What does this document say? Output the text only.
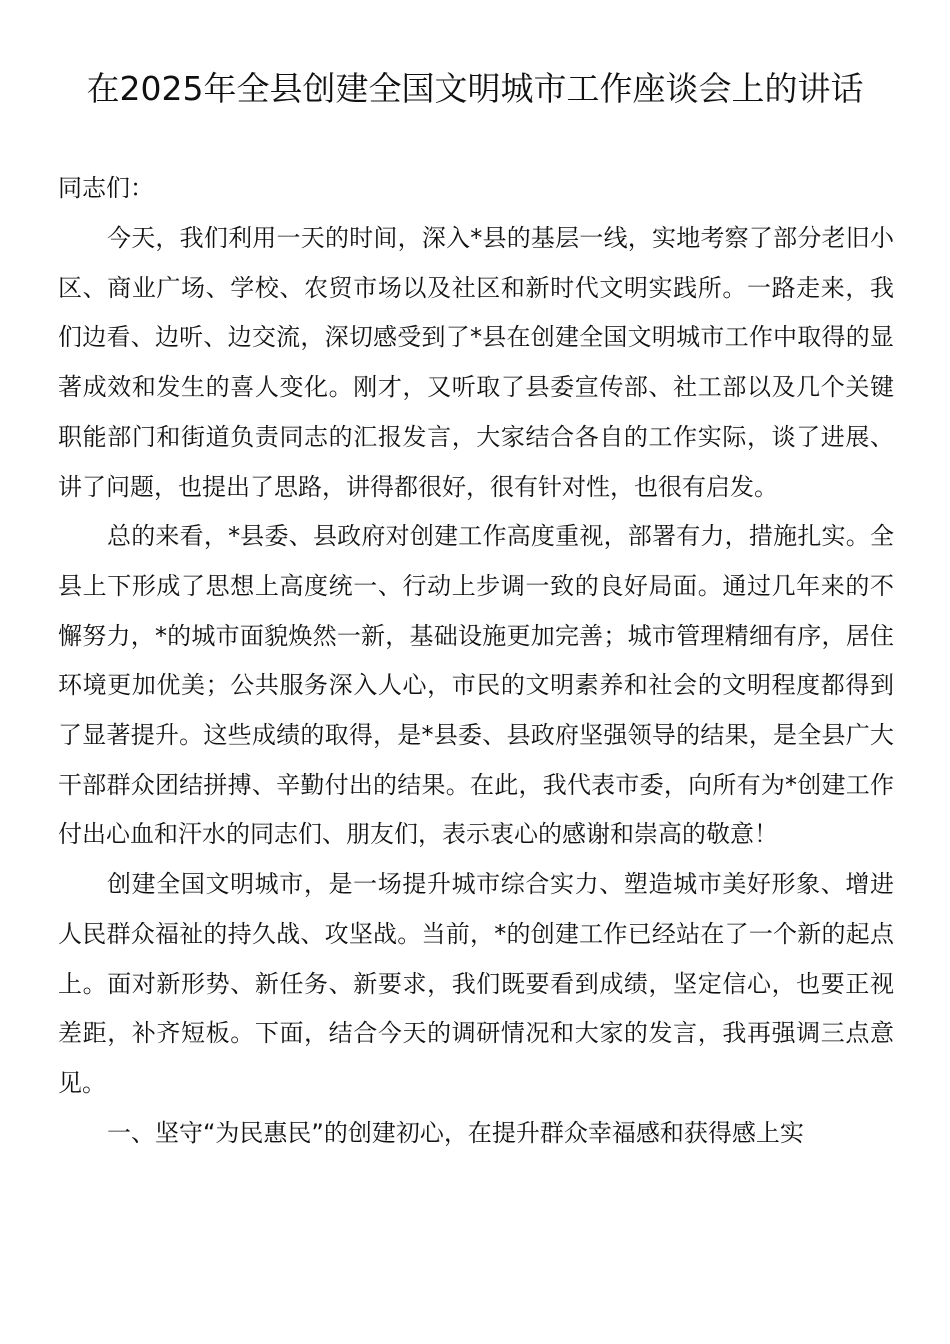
在2025年全县创建全国文明城市工作座谈会上的讲话

同志们：

今天，我们利用一天的时间，深入*县的基层一线，实地考察了部分老旧小区、商业广场、学校、农贸市场以及社区和新时代文明实践所。一路走来，我们边看、边听、边交流，深切感受到了*县在创建全国文明城市工作中取得的显著成效和发生的喜人变化。刚才，又听取了县委宣传部、社工部以及几个关键职能部门和街道负责同志的汇报发言，大家结合各自的工作实际，谈了进展、讲了问题，也提出了思路，讲得都很好，很有针对性，也很有启发。

总的来看，*县委、县政府对创建工作高度重视，部署有力，措施扎实。全县上下形成了思想上高度统一、行动上步调一致的良好局面。通过几年来的不懈努力，*的城市面貌焕然一新，基础设施更加完善；城市管理精细有序，居住环境更加优美；公共服务深入人心，市民的文明素养和社会的文明程度都得到了显著提升。这些成绩的取得，是*县委、县政府坚强领导的结果，是全县广大干部群众团结拼搏、辛勤付出的结果。在此，我代表市委，向所有为*创建工作付出心血和汗水的同志们、朋友们，表示衷心的感谢和崇高的敬意！

创建全国文明城市，是一场提升城市综合实力、塑造城市美好形象、增进人民群众福祉的持久战、攻坚战。当前，*的创建工作已经站在了一个新的起点上。面对新形势、新任务、新要求，我们既要看到成绩，坚定信心，也要正视差距，补齐短板。下面，结合今天的调研情况和大家的发言，我再强调三点意见。

一、坚守“为民惠民”的创建初心，在提升群众幸福感和获得感上实
